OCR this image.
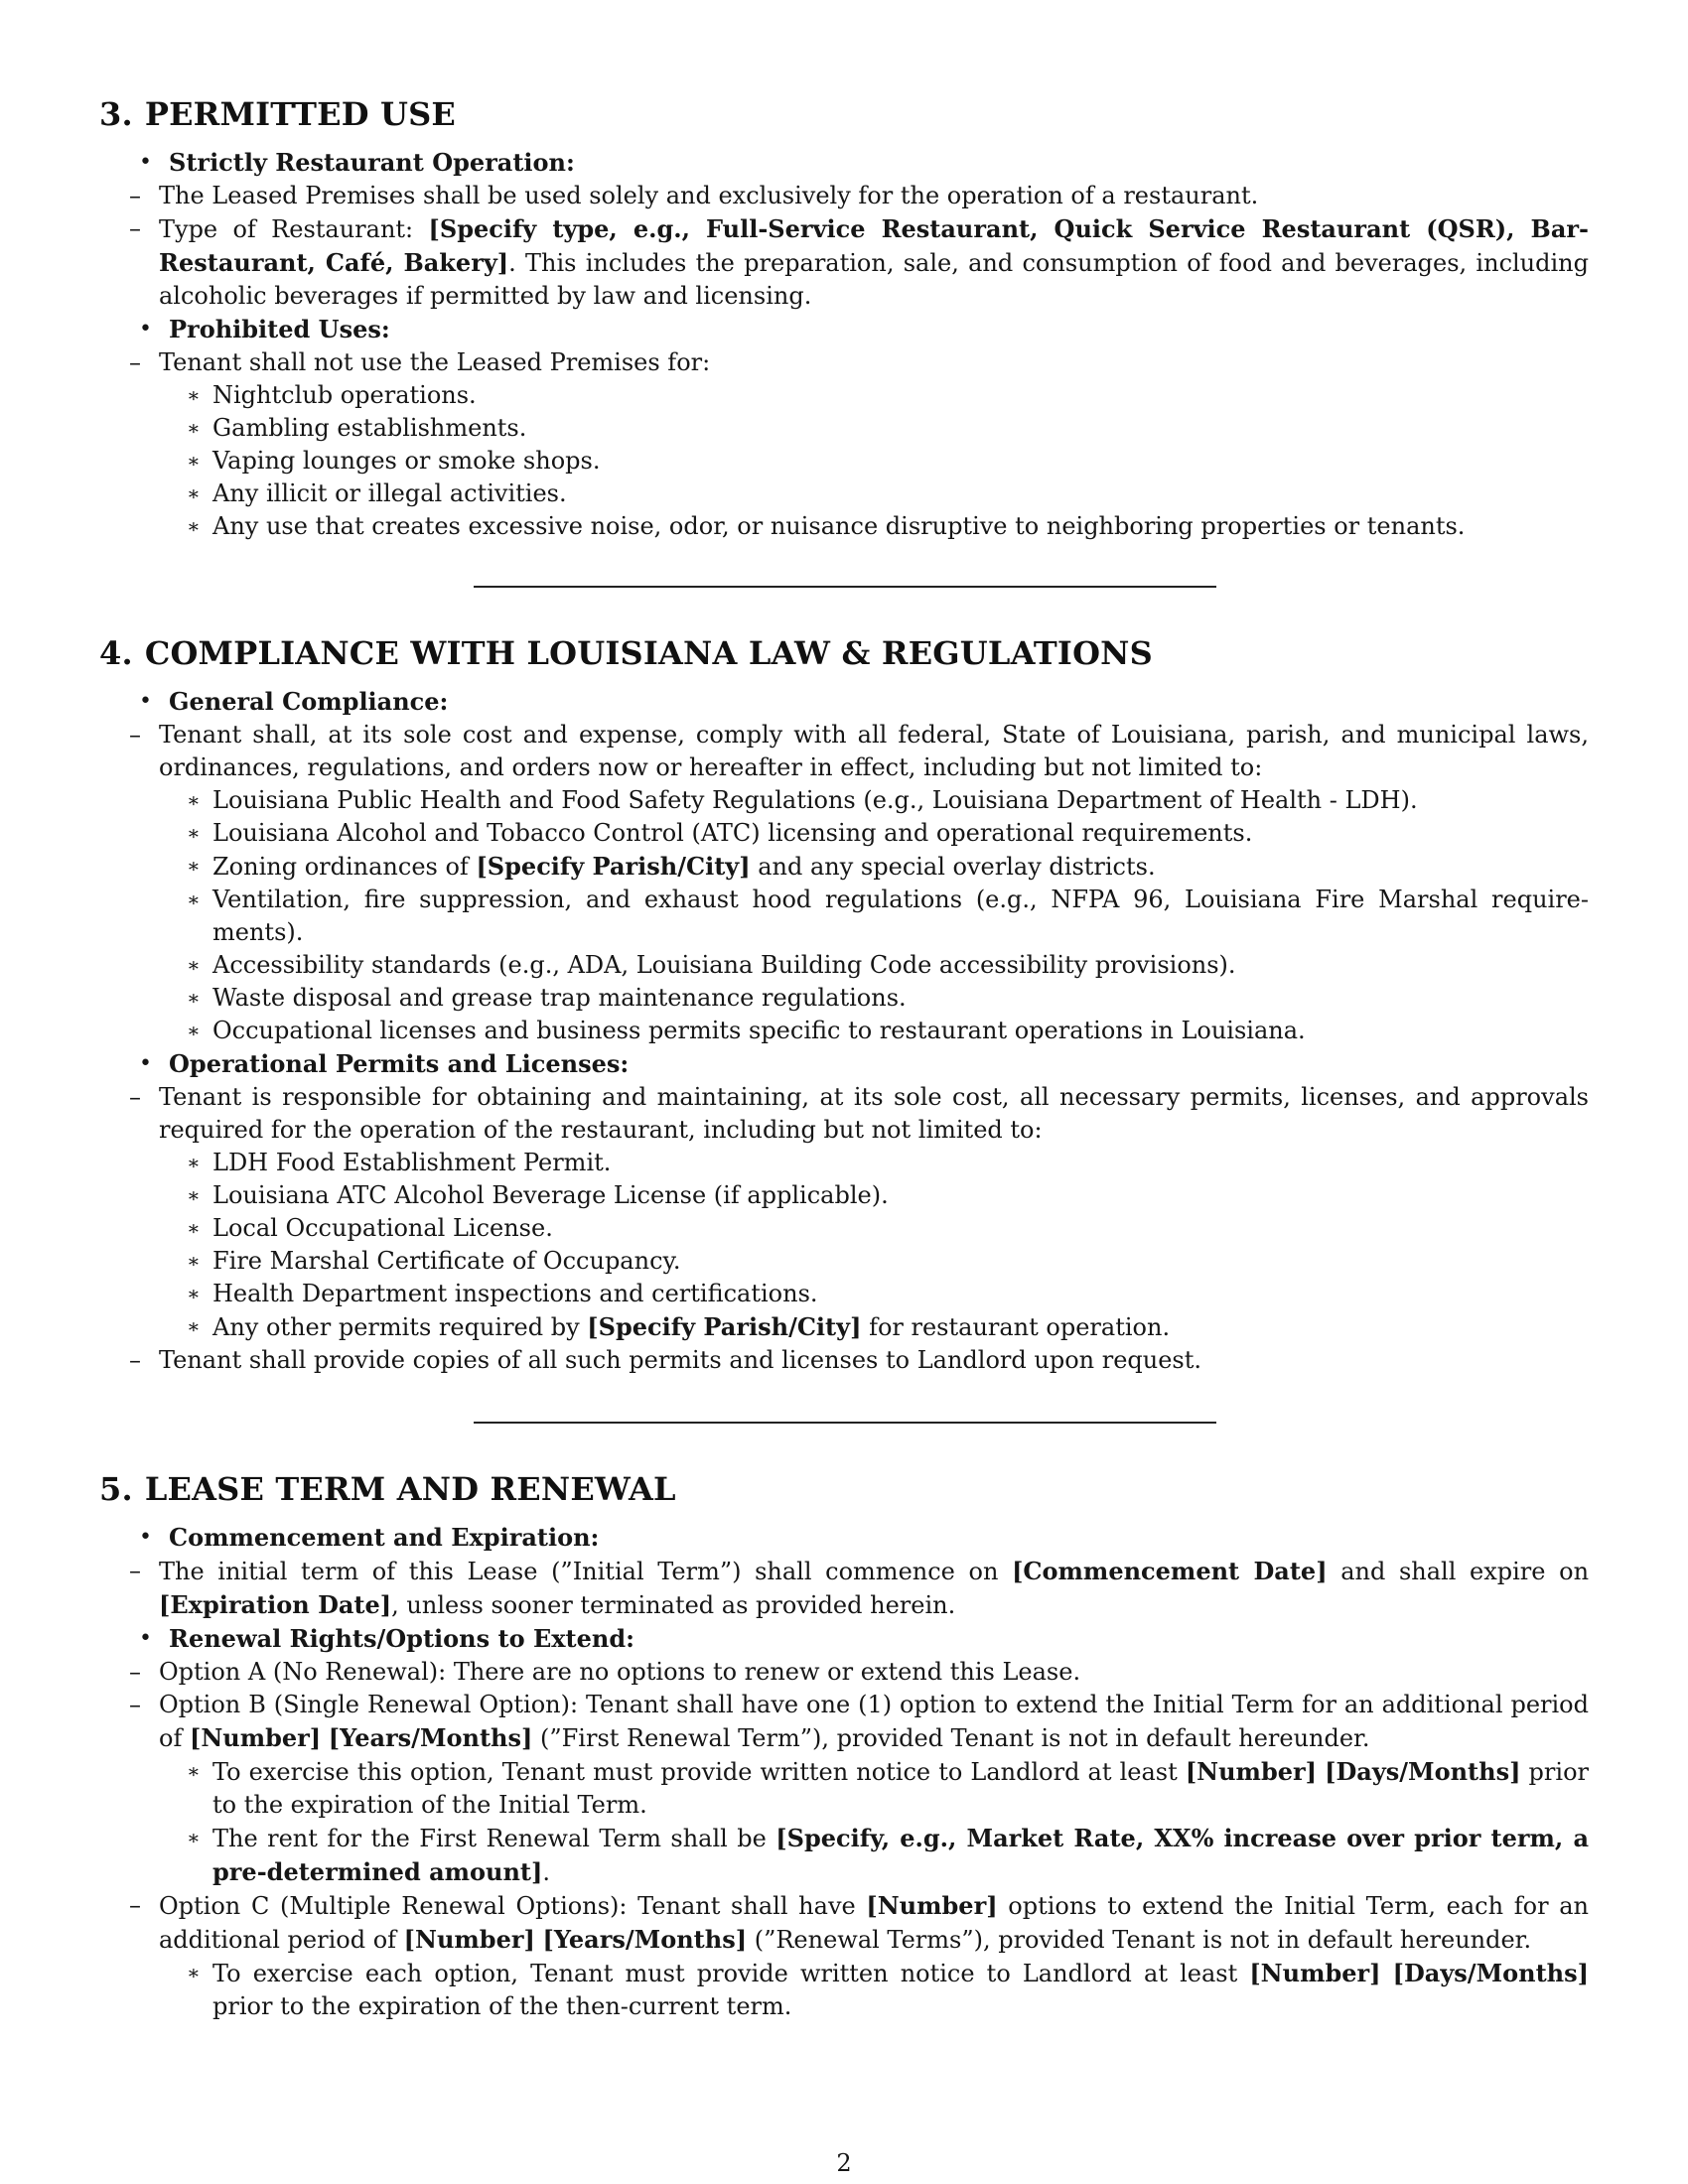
3. PERMITTED USE
• Strictly Restaurant Operation:
– The Leased Premises shall be used solely and exclusively for the operation of a restaurant.
– Type of Restaurant: [Specify type, e.g., Full-Service Restaurant, Quick Service Restaurant (QSR), Bar-Restaurant, Café, Bakery]. This includes the preparation, sale, and consumption of food and beverages, including alcoholic beverages if permitted by law and licensing.
• Prohibited Uses:
– Tenant shall not use the Leased Premises for:
∗ Nightclub operations.
∗ Gambling establishments.
∗ Vaping lounges or smoke shops.
∗ Any illicit or illegal activities.
∗ Any use that creates excessive noise, odor, or nuisance disruptive to neighboring properties or tenants.
4. COMPLIANCE WITH LOUISIANA LAW & REGULATIONS
• General Compliance:
– Tenant shall, at its sole cost and expense, comply with all federal, State of Louisiana, parish, and municipal laws, ordinances, regulations, and orders now or hereafter in effect, including but not limited to:
∗ Louisiana Public Health and Food Safety Regulations (e.g., Louisiana Department of Health - LDH).
∗ Louisiana Alcohol and Tobacco Control (ATC) licensing and operational requirements.
∗ Zoning ordinances of [Specify Parish/City] and any special overlay districts.
∗ Ventilation, fire suppression, and exhaust hood regulations (e.g., NFPA 96, Louisiana Fire Marshal require-ments).
∗ Accessibility standards (e.g., ADA, Louisiana Building Code accessibility provisions).
∗ Waste disposal and grease trap maintenance regulations.
∗ Occupational licenses and business permits specific to restaurant operations in Louisiana.
• Operational Permits and Licenses:
– Tenant is responsible for obtaining and maintaining, at its sole cost, all necessary permits, licenses, and approvals required for the operation of the restaurant, including but not limited to:
∗ LDH Food Establishment Permit.
∗ Louisiana ATC Alcohol Beverage License (if applicable).
∗ Local Occupational License.
∗ Fire Marshal Certificate of Occupancy.
∗ Health Department inspections and certifications.
∗ Any other permits required by [Specify Parish/City] for restaurant operation.
– Tenant shall provide copies of all such permits and licenses to Landlord upon request.
5. LEASE TERM AND RENEWAL
• Commencement and Expiration:
– The initial term of this Lease (”Initial Term”) shall commence on [Commencement Date] and shall expire on [Expiration Date], unless sooner terminated as provided herein.
• Renewal Rights/Options to Extend:
– Option A (No Renewal): There are no options to renew or extend this Lease.
– Option B (Single Renewal Option): Tenant shall have one (1) option to extend the Initial Term for an additional period of [Number] [Years/Months] (”First Renewal Term”), provided Tenant is not in default hereunder.
∗ To exercise this option, Tenant must provide written notice to Landlord at least [Number] [Days/Months] prior to the expiration of the Initial Term.
∗ The rent for the First Renewal Term shall be [Specify, e.g., Market Rate, XX% increase over prior term, a pre-determined amount].
– Option C (Multiple Renewal Options): Tenant shall have [Number] options to extend the Initial Term, each for an additional period of [Number] [Years/Months] (”Renewal Terms”), provided Tenant is not in default hereunder.
∗ To exercise each option, Tenant must provide written notice to Landlord at least [Number] [Days/Months] prior to the expiration of the then-current term.
2
